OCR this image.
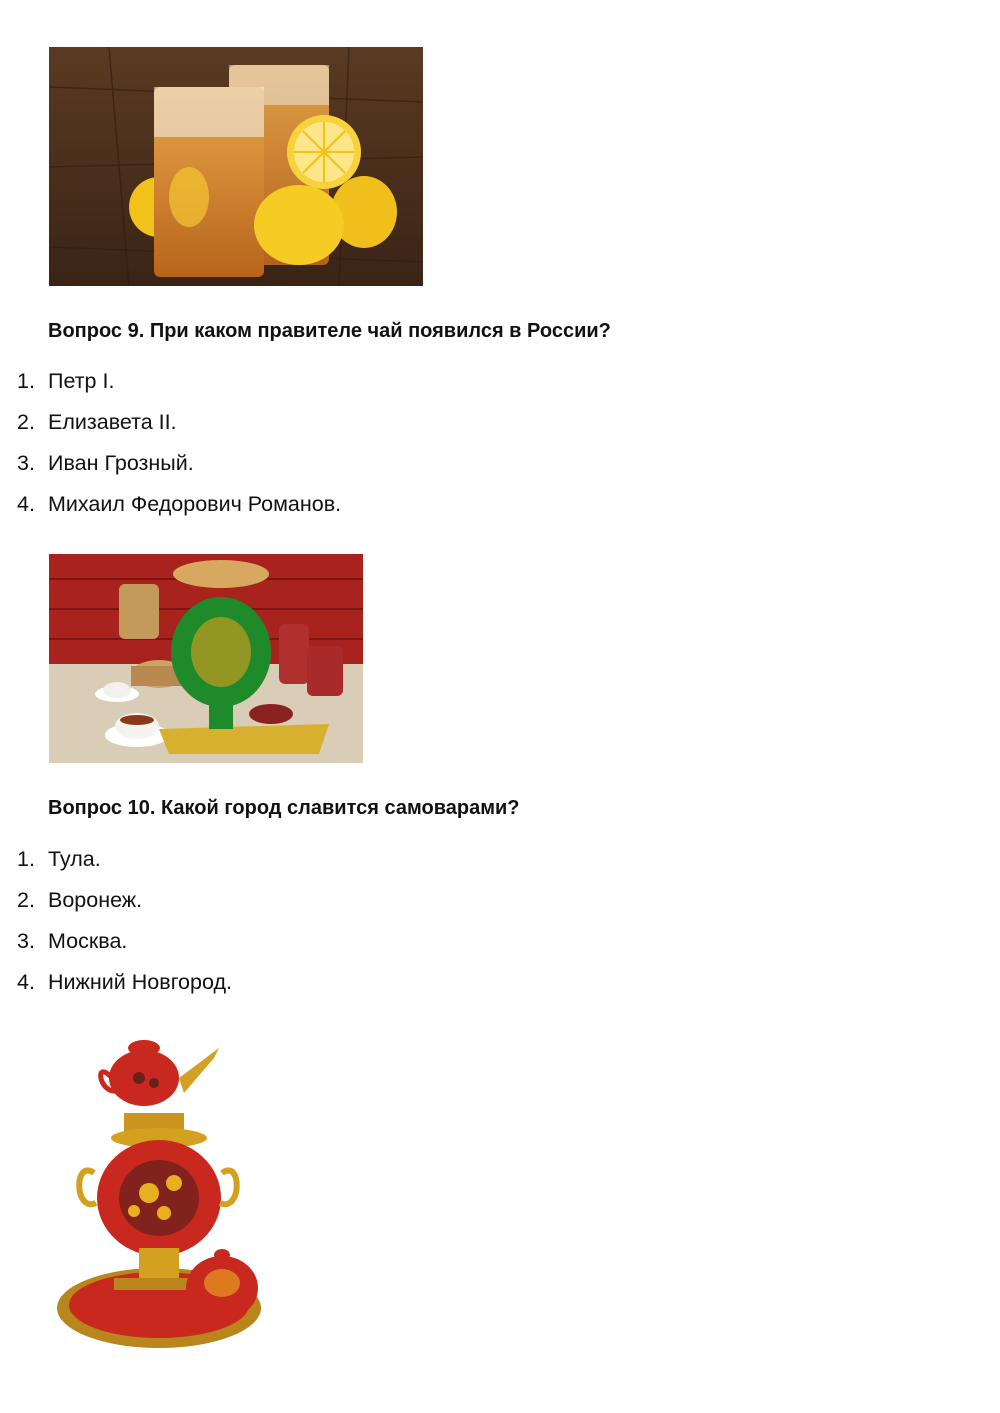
Вопрос 9. При каком правителе чай появился в России?
1. Петр I.
2. Елизавета II.
3. Иван Грозный.
4. Михаил Федорович Романов.
Вопрос 10. Какой город славится самоварами?
1. Тула.
2. Воронеж.
3. Москва.
4. Нижний Новгород.
